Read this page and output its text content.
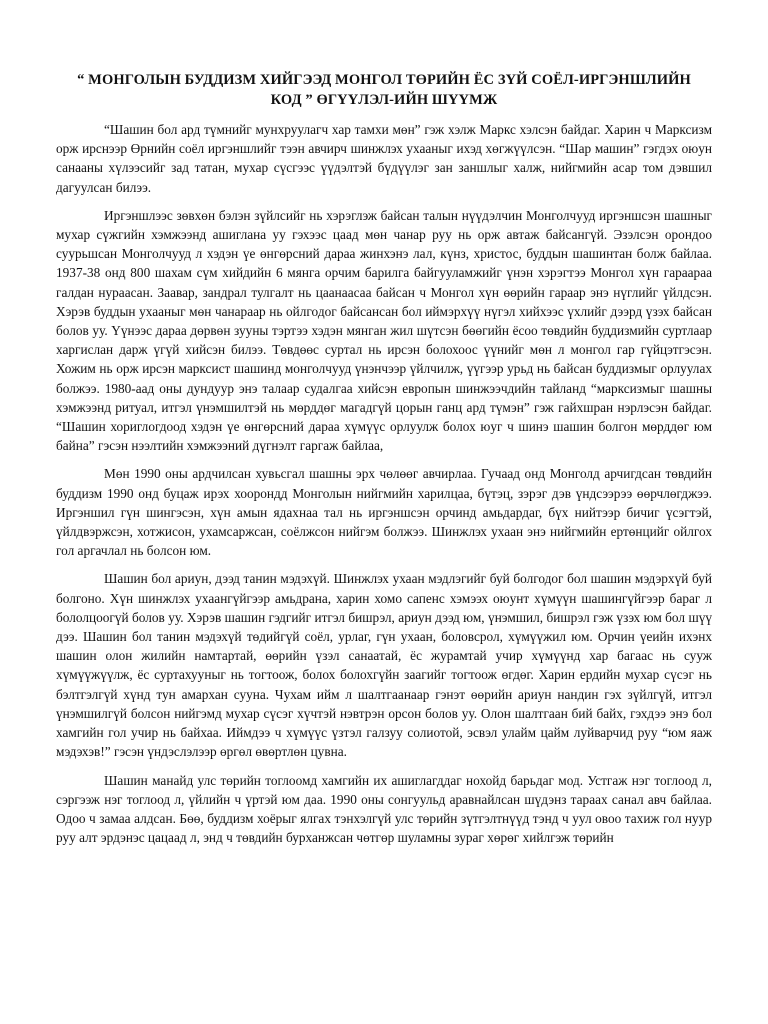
“ МОНГОЛЫН БУДДИЗМ ХИЙГЭЭД МОНГОЛ ТӨРИЙН ЁС ЗҮЙ СОЁЛ-ИРГЭНШЛИЙН КОД ” ӨГҮҮЛЭЛ-ИЙН ШҮҮМЖ

“Шашин бол ард түмнийг мунхруулагч хар тамхи мөн” гэж хэлж Маркс хэлсэн байдаг. Харин ч Марксизм орж ирснээр Өрнийн соёл иргэншлийг тээн авчирч шинжлэх ухааныг ихэд хөгжүүлсэн. “Шар машин” гэгдэх оюун санааны хүлээсийг зад татан, мухар сүсгээс үүдэлтэй бүдүүлэг зан заншлыг халж, нийгмийн асар том дэвшил дагуулсан билээ.

Иргэншлээс зөвхөн бэлэн зүйлсийг нь хэрэглэж байсан талын нүүдэлчин Монголчууд иргэншсэн шашныг мухар сүжгийн хэмжээнд ашиглана уу гэхээс цаад мөн чанар руу нь орж автаж байсангүй. Эзэлсэн орондоо суурьшсан Монголчууд л хэдэн үе өнгөрсний дараа жинхэнэ лал, күнз, христос, буддын шашинтан болж байлаа. 1937-38 онд 800 шахам сүм хийдийн 6 мянга орчим барилга байгууламжийг үнэн хэрэгтээ Монгол хүн гараараа галдан нураасан. Заавар, зандрал тулгалт нь цаанаасаа байсан ч Монгол хүн өөрийн гараар энэ нүглийг үйлдсэн. Хэрэв буддын ухааныг мөн чанараар нь ойлгодог байсансан бол иймэрхүү нүгэл хийхээс үхлийг дээрд үзэх байсан болов уу. Үүнээс дараа дөрвөн зууны тэртээ хэдэн мянган жил шүтсэн бөөгийн ёсоо төвдийн буддизмийн суртлаар харгислан дарж үгүй хийсэн билээ. Төвдөөс суртал нь ирсэн болохоос үүнийг мөн л монгол гар гүйцэтгэсэн. Хожим нь орж ирсэн марксист шашинд монголчууд үнэнчээр үйлчилж, үүгээр урьд нь байсан буддизмыг орлуулах болжээ. 1980-аад оны дундуур энэ талаар судалгаа хийсэн европын шинжээчдийн тайланд “марксизмыг шашны хэмжээнд ритуал, итгэл үнэмшилтэй нь мөрддөг магадгүй цорын ганц ард түмэн” гэж гайхшран нэрлэсэн байдаг. “Шашин хориглогдоод хэдэн үе өнгөрсний дараа хүмүүс орлуулж болох юуг ч шинэ шашин болгон мөрддөг юм байна” гэсэн нээлтийн хэмжээний дүгнэлт гаргаж байлаа,

Мөн 1990 оны ардчилсан хувьсгал шашны эрх чөлөөг авчирлаа. Гучаад онд Монголд арчигдсан төвдийн буддизм 1990 онд буцаж ирэх хоорондд Монголын нийгмийн харилцаа, бүтэц, зэрэг дэв үндсээрээ өөрчлөгджээ. Иргэншил гүн шингэсэн, хүн амын ядахнаа тал нь иргэншсэн орчинд амьдардаг, бүх нийтээр бичиг үсэгтэй, үйлдвэржсэн, хотжисон, ухамсаржсан, соёлжсон нийгэм болжээ. Шинжлэх ухаан энэ нийгмийн ертөнцийг ойлгох гол аргачлал нь болсон юм.

Шашин бол ариун, дээд танин мэдэхүй. Шинжлэх ухаан мэдлэгийг буй болгодог бол шашин мэдэрхүй буй болгоно. Хүн шинжлэх ухаангүйгээр амьдрана, харин хомо сапенс хэмээх оюунт хүмүүн шашингүйгээр бараг л бололцоогүй болов уу. Хэрэв шашин гэдгийг итгэл бишрэл, ариун дээд юм, үнэмшил, бишрэл гэж үзэх юм бол шүү дээ. Шашин бол танин мэдэхүй төдийгүй соёл, урлаг, гүн ухаан, боловсрол, хүмүүжил юм. Орчин үеийн ихэнх шашин олон жилийн намтартай, өөрийн үзэл санаатай, ёс журамтай учир хүмүүнд хар багаас нь сууж хүмүүжүүлж, ёс суртахууныг нь тогтоож, болох болохгүйн заагийг тогтоож өгдөг. Харин ердийн мухар сүсэг нь бэлтгэлгүй хүнд тун амархан сууна. Чухам ийм л шалтгаанаар гэнэт өөрийн ариун нандин гэх зүйлгүй, итгэл үнэмшилгүй болсон нийгэмд мухар сүсэг хүчтэй нэвтрэн орсон болов уу. Олон шалтгаан бий байх, гэхдээ энэ бол хамгийн гол учир нь байхаа. Иймдээ ч хүмүүс үзтэл галзуу солиотой, эсвэл улайм цайм луйварчид руу “юм яаж мэдэхэв!” гэсэн үндэслэлээр өргөл өвөртлөн цувна.

Шашин манайд улс төрийн тоглоомд хамгийн их ашиглагддаг нохойд барьдаг мод. Устгаж нэг тоглоод л, сэргээж нэг тоглоод л, үйлийн ч үртэй юм даа. 1990 оны сонгуульд аравнайлсан шүдэнз тараах санал авч байлаа. Одоо ч замаа алдсан. Бөө, буддизм хоёрыг ялгах тэнхэлгүй улс төрийн зүтгэлтнүүд тэнд ч уул овоо тахиж гол нуур руу алт эрдэнэс цацаад л, энд ч төвдийн бурханжсан чөтгөр шуламны зураг хөрөг хийлгэж төрийн
